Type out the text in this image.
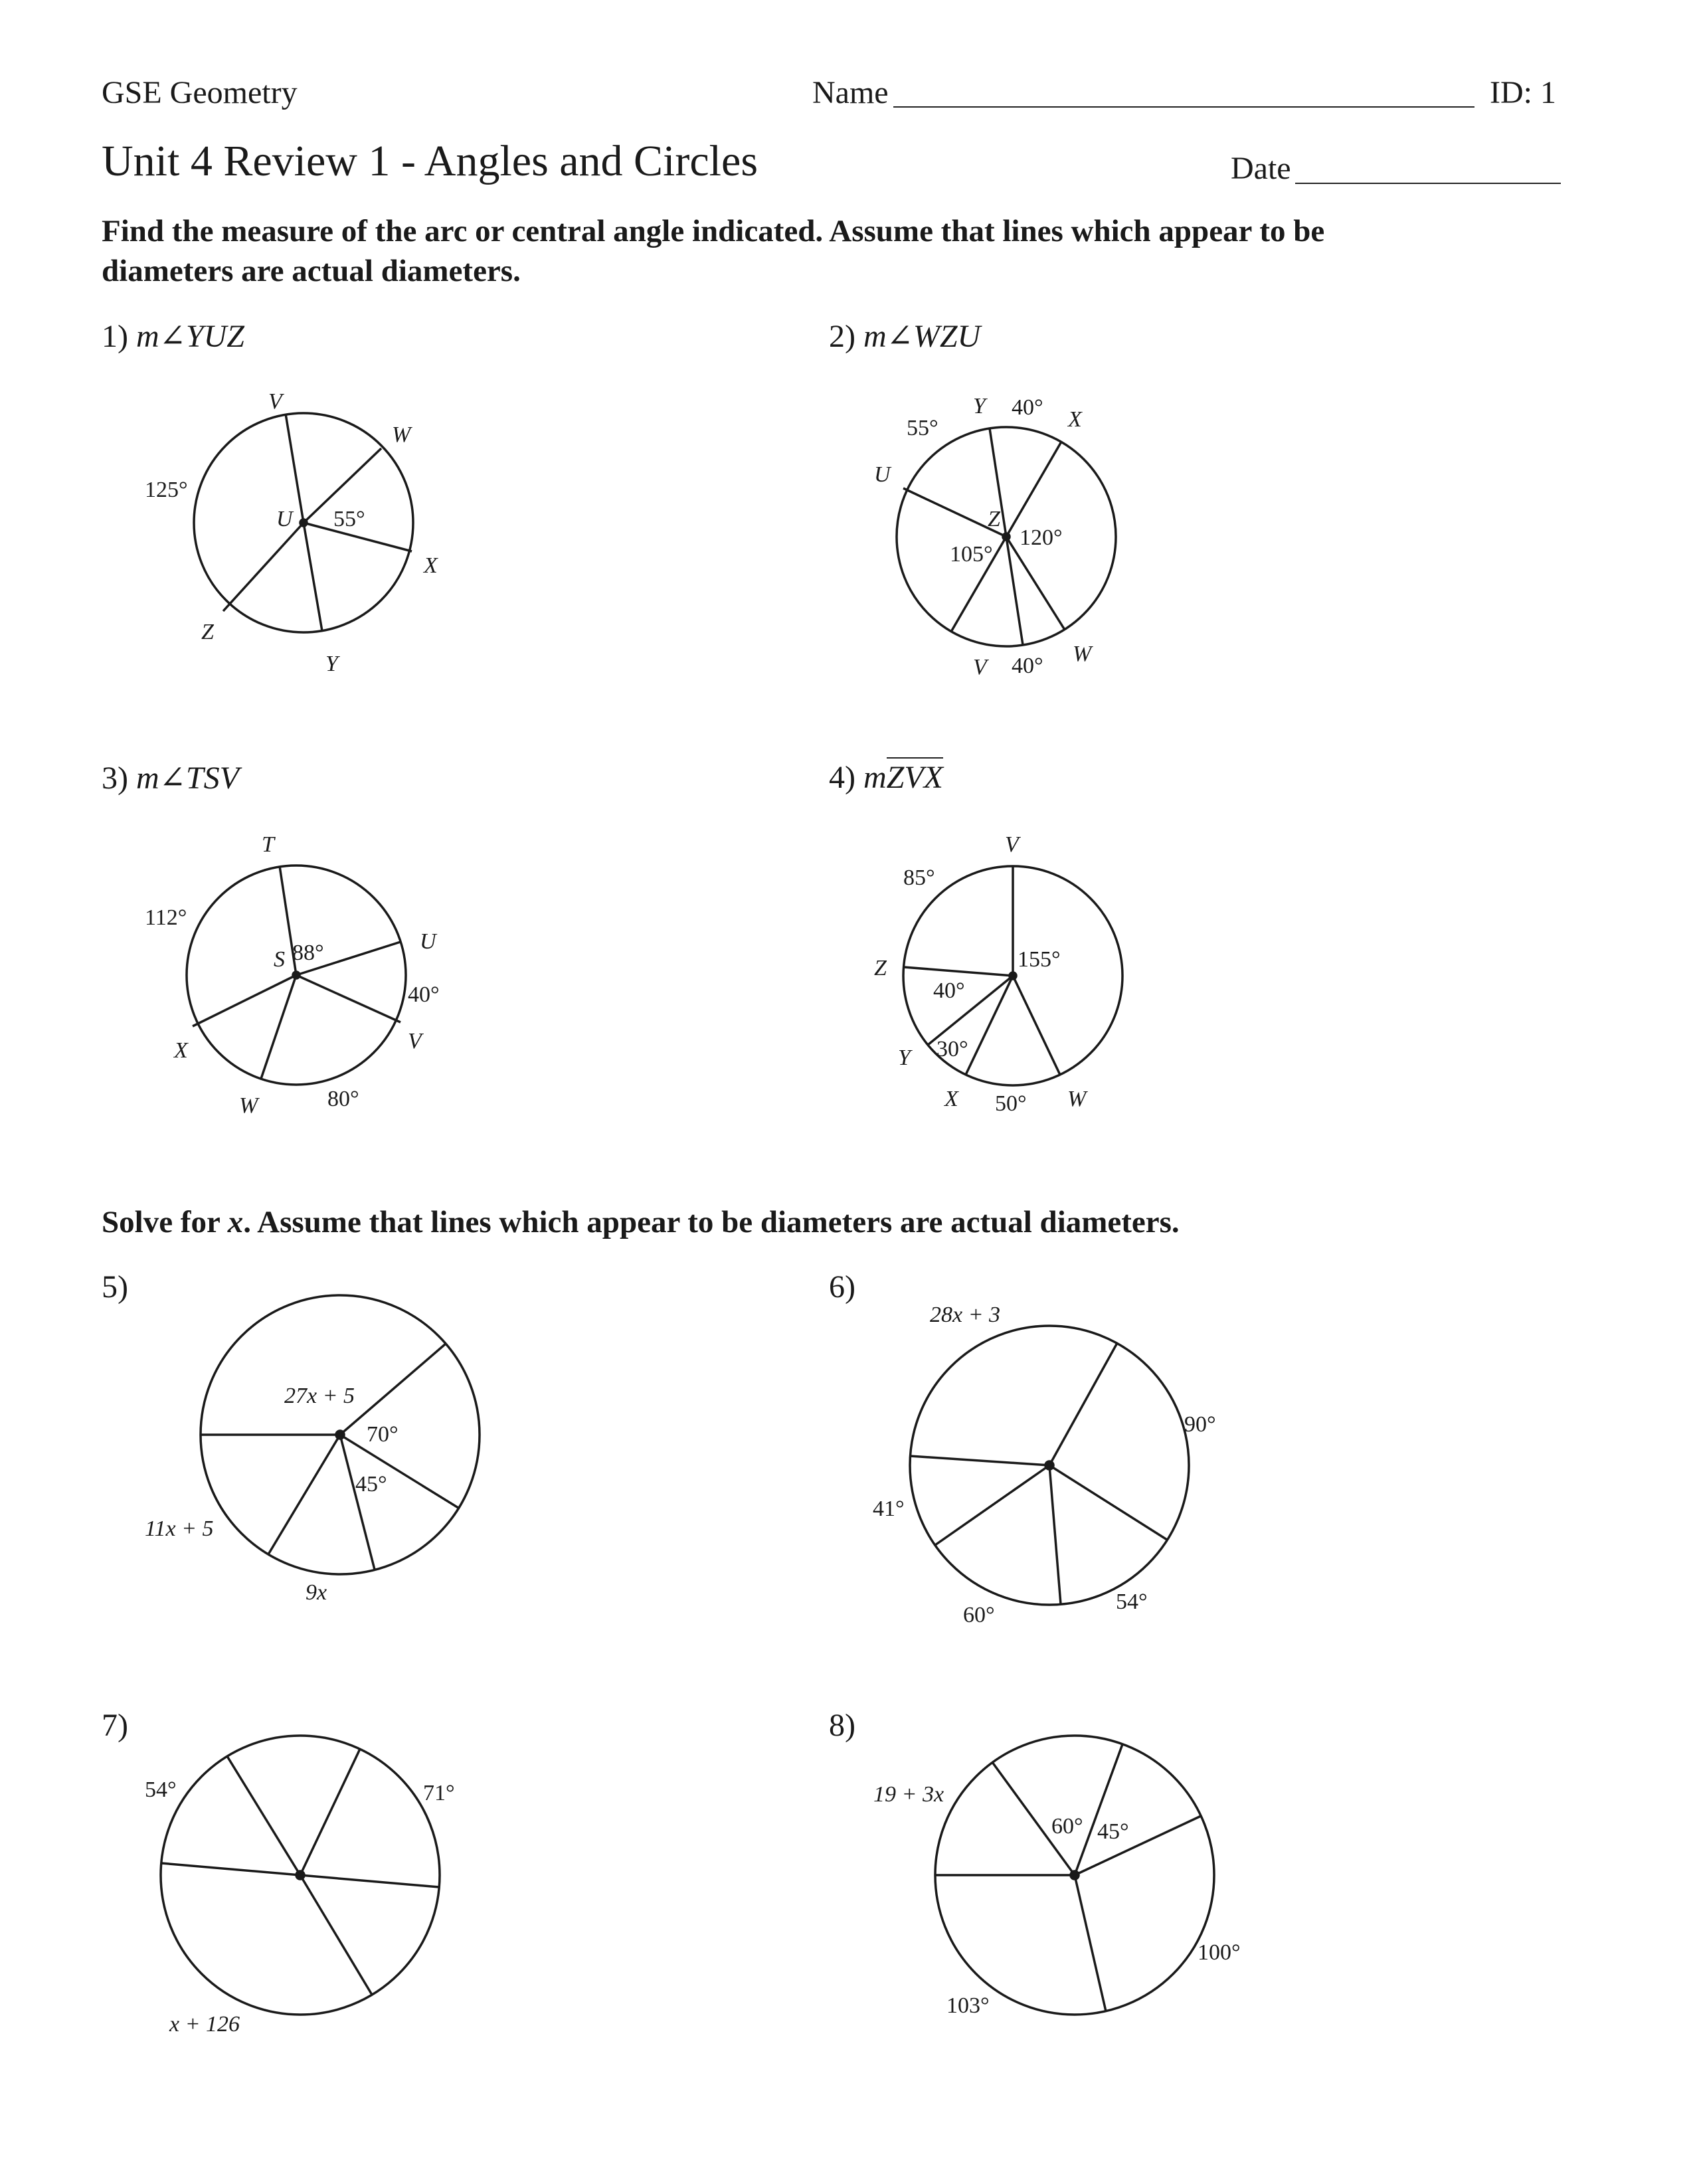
GSE Geometry	Name	ID: 1
Unit 4 Review 1 - Angles and Circles	Date
Find the measure of the arc or central angle indicated. Assume that lines which appear to be diameters are actual diameters.
1) m∠YUZ	2) m∠WZU
3) m∠TSV	4) mZVX
Solve for x. Assume that lines which appear to be diameters are actual diameters.
5)	6)
7)	8)
V
W
X
Y
Z
U
125°
55°
Y 40° X
55°
U
Z
120°
105°
V 40° W
T
112°
S 88°	U
40°
V
X
W	80°
V
85°
155°
Z
40°
Y 30°
X 50° W
27x + 5
70°
45°
11x + 5
9x
28x + 3
90°
41°
60°
54°
54°	71°
x + 126
19 + 3x
60° 45°
100°
103°
